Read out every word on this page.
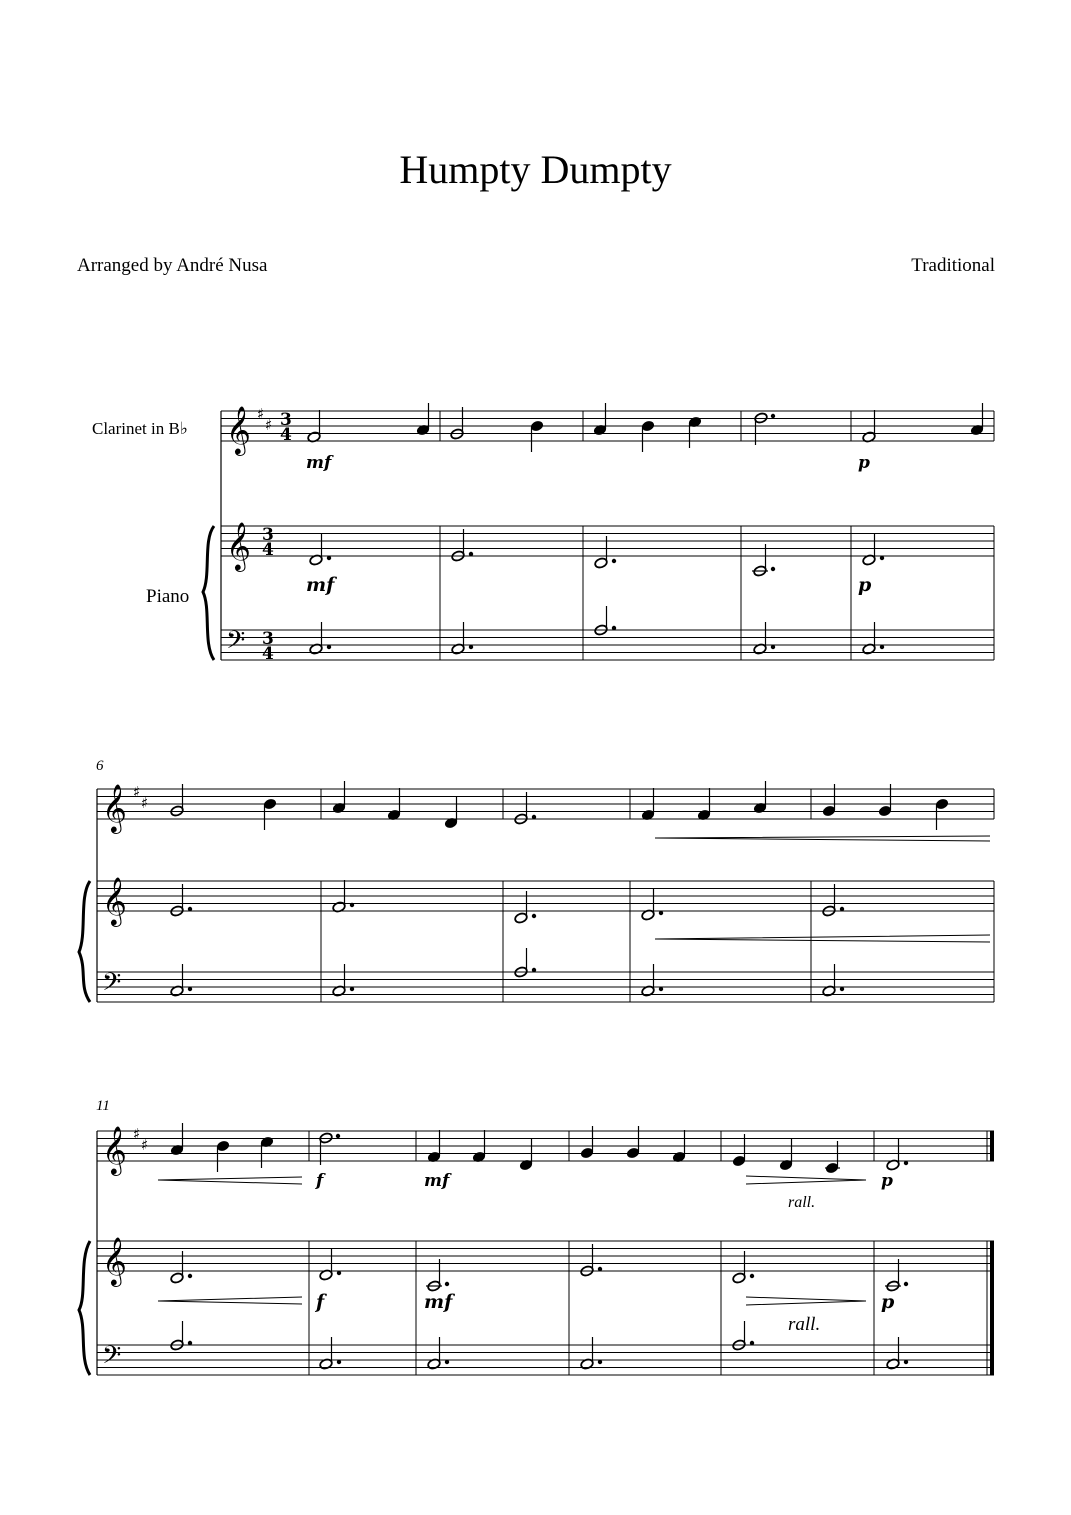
Humpty Dumpty
Arranged by André Nusa	Traditional
Clarinet in B♭
Piano
𝄞 ♯
♯ 3
4
mf	p
𝄞 3
4
𝄢 3
4
mf	p
6
𝄞 ♯
♯
𝄞
𝄢
11
𝄞 ♯
♯
f	mf	p
rall.
𝄞
𝄢
f	mf	p
rall.
